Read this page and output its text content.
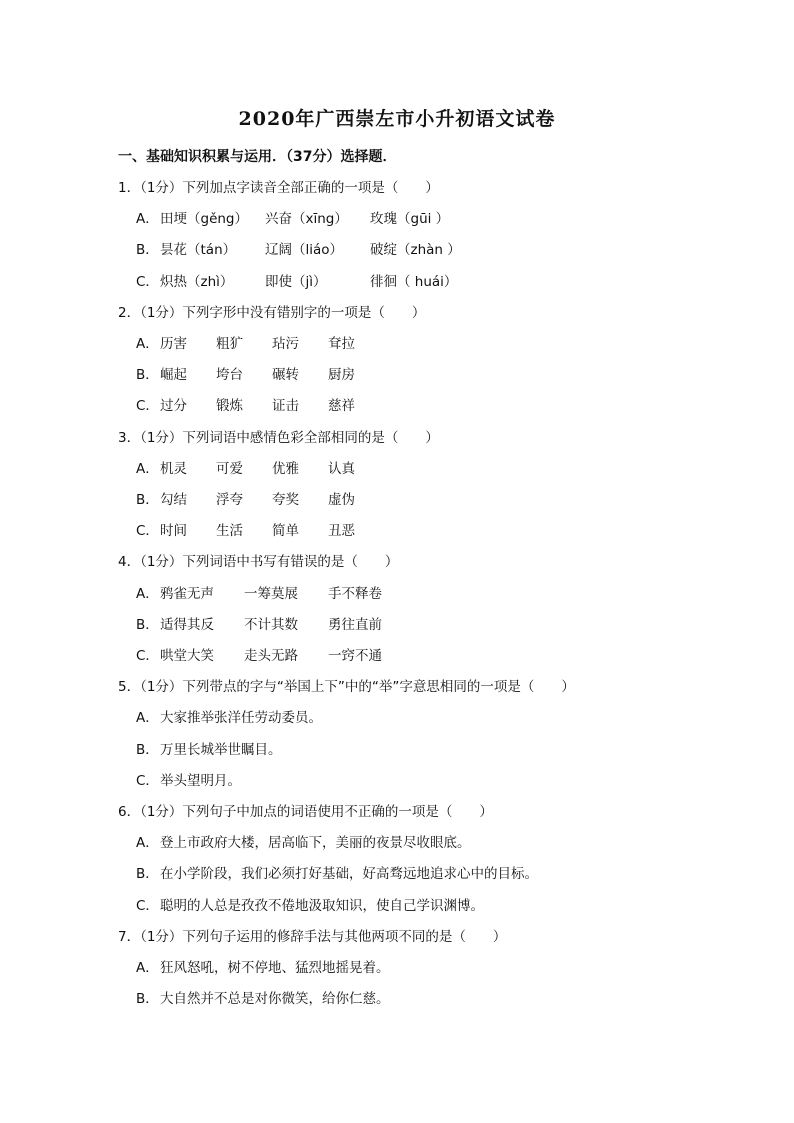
2020年广西崇左市小升初语文试卷
一、基础知识积累与运用．（37分）选择题．
1．（1分）下列加点字读音全部正确的一项是（　　）
A．田埂（gěng） 兴奋（xīng） 玫瑰（gūi ）
B．昙花（tán） 辽阔（liáo） 破绽（zhàn ）
C．炽热（zhì） 即使（jì）	徘徊（ huái）
2．（1分）下列字形中没有错别字的一项是（　　）
A．历害 粗犷 玷污 耷拉
B．崛起 垮台 碾转 厨房
C．过分 锻炼 证击 慈祥
3．（1分）下列词语中感情色彩全部相同的是（　　）
A．机灵 可爱 优雅 认真
B．勾结 浮夸 夸奖 虚伪
C．时间 生活 简单 丑恶
4．（1分）下列词语中书写有错误的是（　　）
A．鸦雀无声 一筹莫展 手不释卷
B．适得其反 不计其数 勇往直前
C．哄堂大笑 走头无路 一窍不通
5．（1分）下列带点的字与“举国上下”中的“举”字意思相同的一项是（　　）
A．大家推举张洋任劳动委员。
B．万里长城举世瞩目。
C．举头望明月。
6．（1分）下列句子中加点的词语使用不正确的一项是（　　）
A．登上市政府大楼，居高临下，美丽的夜景尽收眼底。
B．在小学阶段，我们必须打好基础，好高骛远地追求心中的目标。
C．聪明的人总是孜孜不倦地汲取知识，使自己学识渊博。
7．（1分）下列句子运用的修辞手法与其他两项不同的是（　　）
A．狂风怒吼，树不停地、猛烈地摇晃着。
B．大自然并不总是对你微笑，给你仁慈。
